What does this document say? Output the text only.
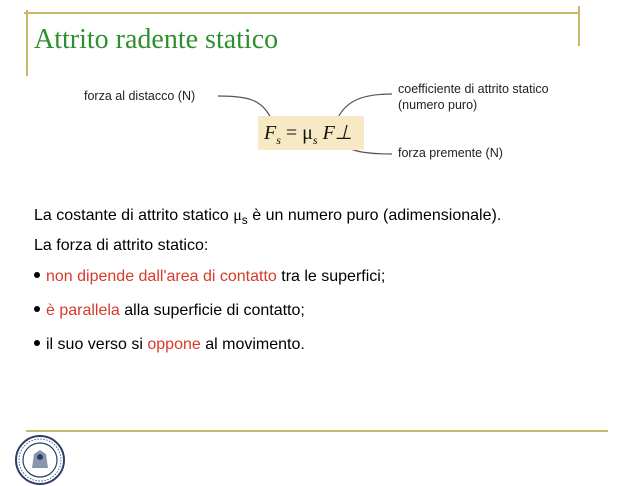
Attrito radente statico
forza al distacco (N)	coefficiente di attrito statico
(numero puro)
forza premente (N)
$F_s = \mu_s$ F⊥
La costante di attrito statico $\mu_s$ è un numero puro (adimensionale).
La forza di attrito statico:
non dipende dall'area di contatto tra le superfici;
è parallela alla superficie di contatto;
il suo verso si oppone al movimento.
